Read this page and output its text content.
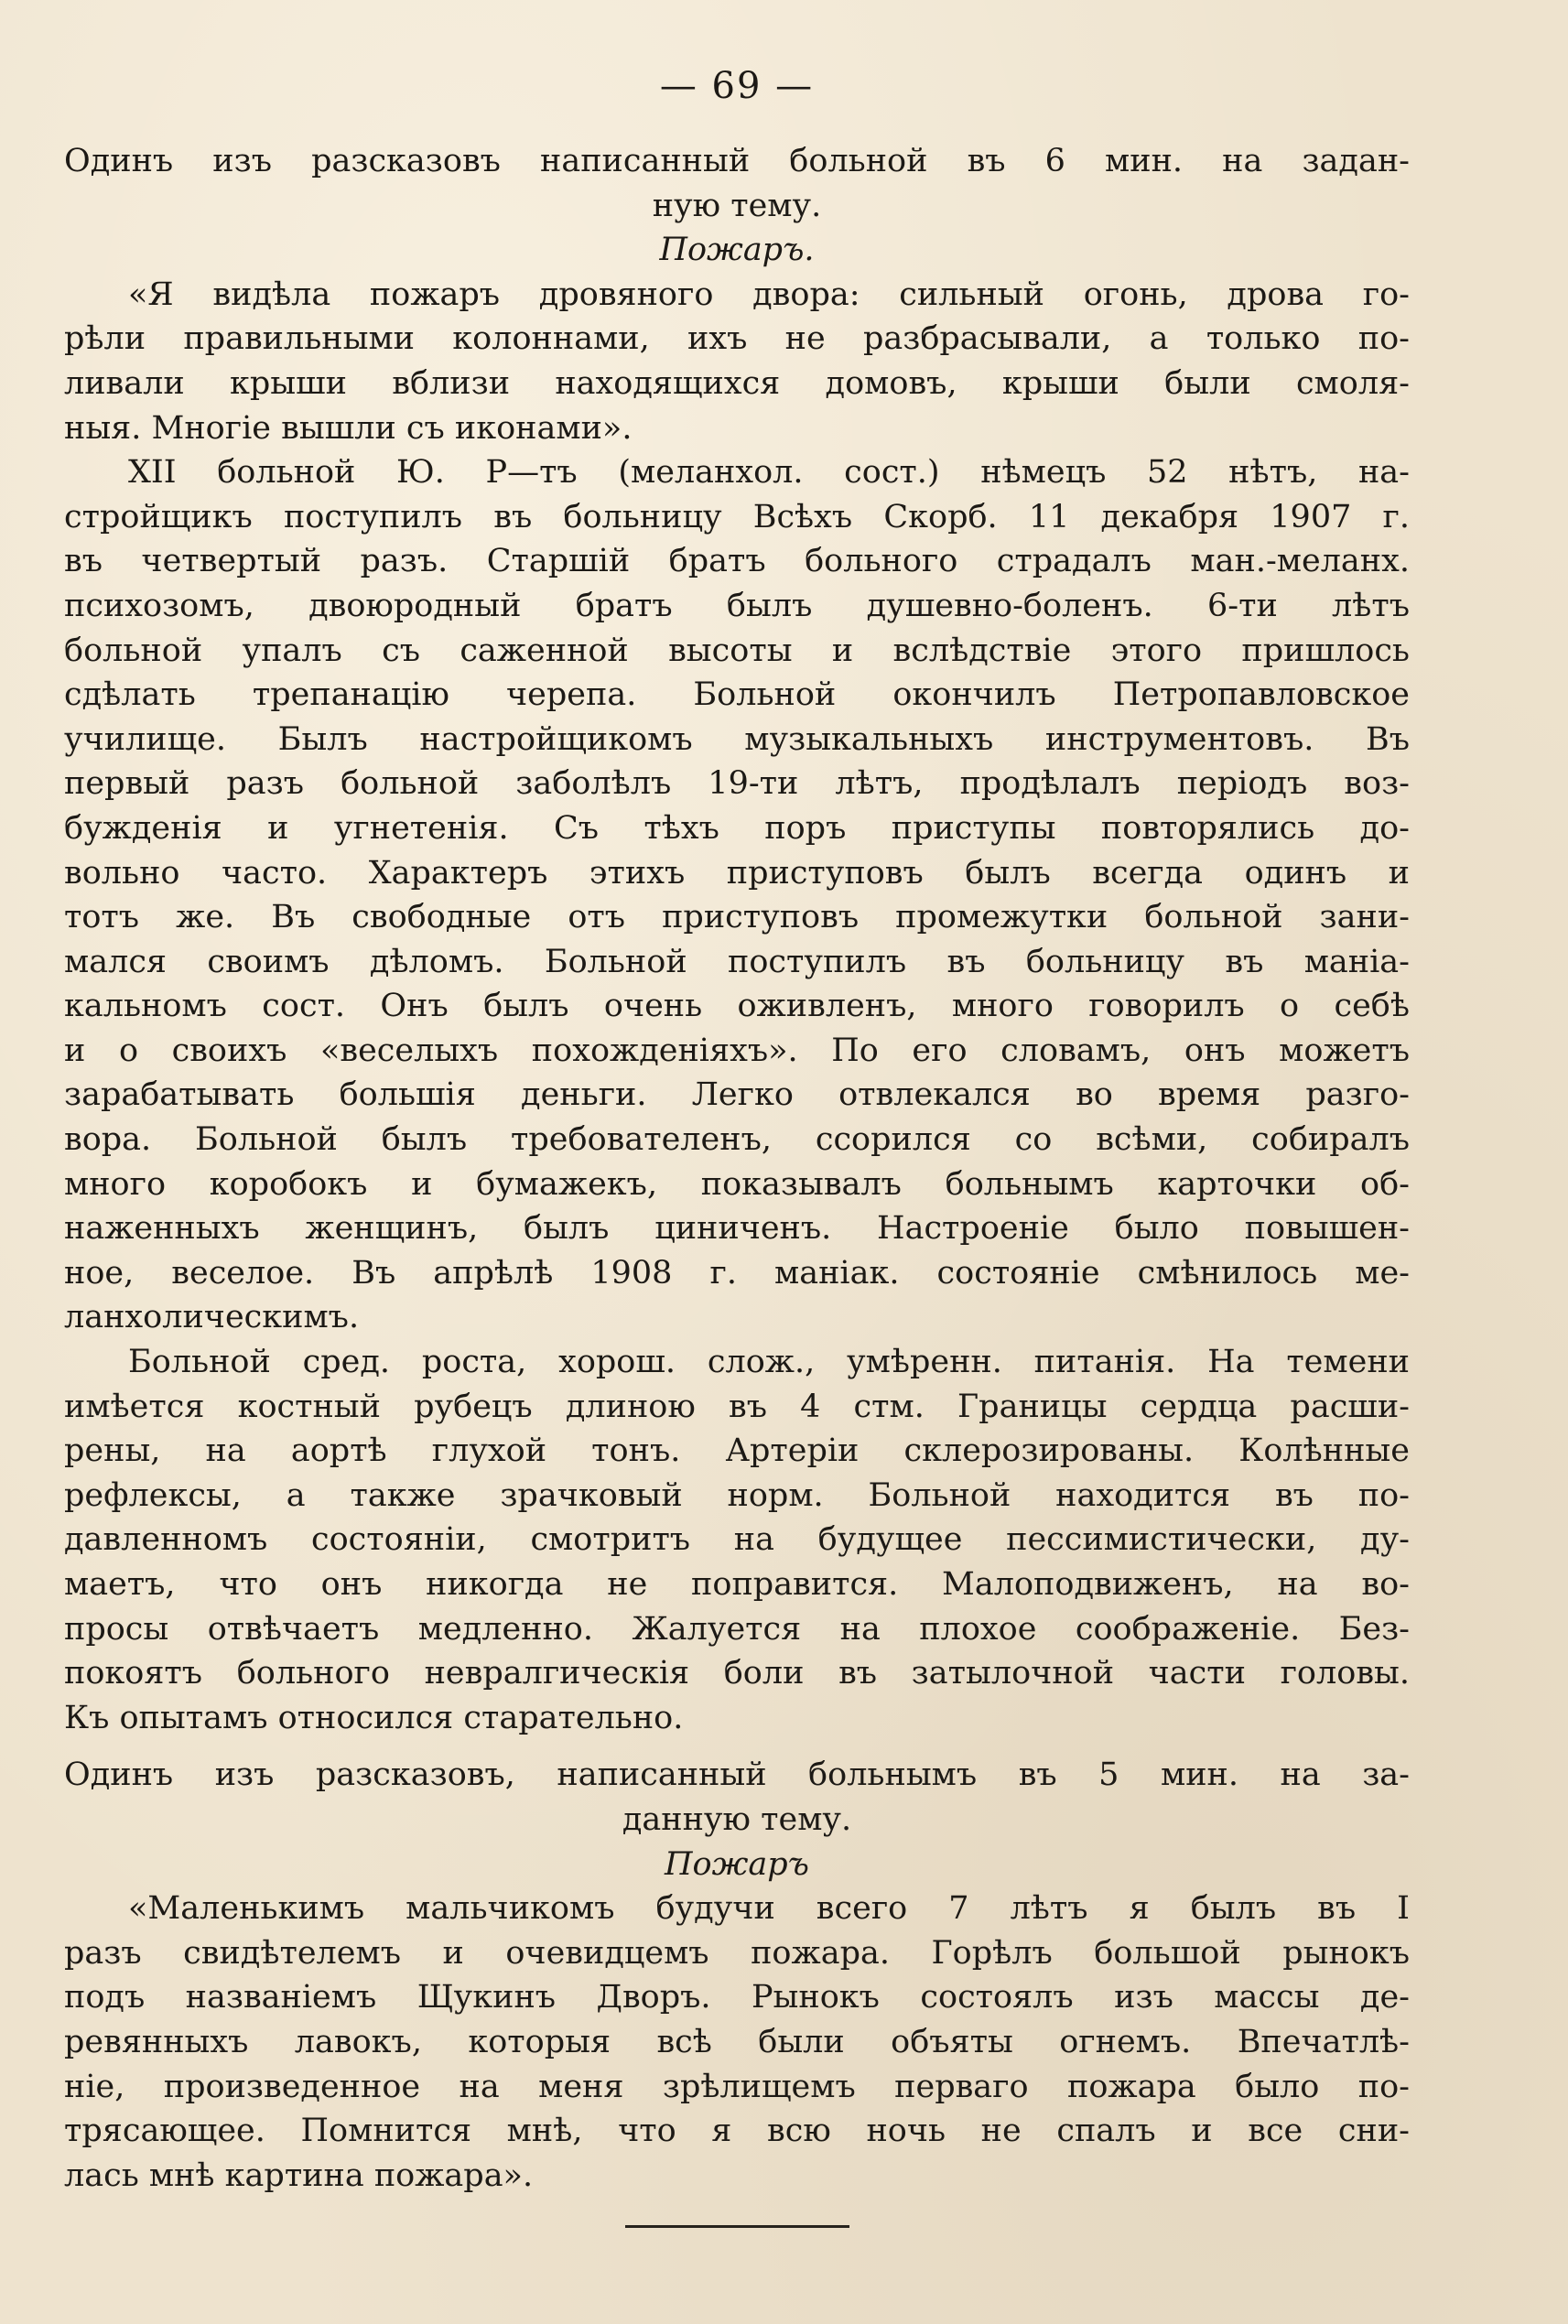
— 69 —

Одинъ изъ разсказовъ написанный больной въ 6 мин. на задан-
ную тему.

Пожаръ.

«Я видѣла пожаръ дровяного двора: сильный огонь, дрова го-
рѣли правильными колоннами, ихъ не разбрасывали, а только по-
ливали крыши вблизи находящихся домовъ, крыши были смоля-
ныя. Многіе вышли съ иконами».

XII больной Ю. Р—тъ (меланхол. сост.) нѣмецъ 52 нѣтъ, на-
стройщикъ поступилъ въ больницу Всѣхъ Скорб. 11 декабря 1907 г.
въ четвертый разъ. Старшій братъ больного страдалъ ман.-меланх.
психозомъ, двоюродный братъ былъ душевно-боленъ. 6-ти лѣтъ
больной упалъ съ саженной высоты и вслѣдствіе этого пришлось
сдѣлать трепанацію черепа. Больной окончилъ Петропавловское
училище. Былъ настройщикомъ музыкальныхъ инструментовъ. Въ
первый разъ больной заболѣлъ 19-ти лѣтъ, продѣлалъ періодъ воз-
бужденія и угнетенія. Съ тѣхъ поръ приступы повторялись до-
вольно часто. Характеръ этихъ приступовъ былъ всегда одинъ и
тотъ же. Въ свободные отъ приступовъ промежутки больной зани-
мался своимъ дѣломъ. Больной поступилъ въ больницу въ маніа-
кальномъ сост. Онъ былъ очень оживленъ, много говорилъ о себѣ
и о своихъ «веселыхъ похожденіяхъ». По его словамъ, онъ можетъ
зарабатывать большія деньги. Легко отвлекался во время разго-
вора. Больной былъ требователенъ, ссорился со всѣми, собиралъ
много коробокъ и бумажекъ, показывалъ больнымъ карточки об-
наженныхъ женщинъ, былъ циниченъ. Настроеніе было повышен-
ное, веселое. Въ апрѣлѣ 1908 г. маніак. состояніе смѣнилось ме-
ланхолическимъ.

Больной сред. роста, хорош. слож., умѣренн. питанія. На темени
имѣется костный рубецъ длиною въ 4 стм. Границы сердца расши-
рены, на аортѣ глухой тонъ. Артеріи склерозированы. Колѣнные
рефлексы, а также зрачковый норм. Больной находится въ по-
давленномъ состояніи, смотритъ на будущее пессимистически, ду-
маетъ, что онъ никогда не поправится. Малоподвиженъ, на во-
просы отвѣчаетъ медленно. Жалуется на плохое соображеніе. Без-
покоятъ больного невралгическія боли въ затылочной части головы.
Къ опытамъ относился старательно.

Одинъ изъ разсказовъ, написанный больнымъ въ 5 мин. на за-
данную тему.

Пожаръ

«Маленькимъ мальчикомъ будучи всего 7 лѣтъ я былъ въ I
разъ свидѣтелемъ и очевидцемъ пожара. Горѣлъ большой рынокъ
подъ названіемъ Щукинъ Дворъ. Рынокъ состоялъ изъ массы де-
ревянныхъ лавокъ, которыя всѣ были объяты огнемъ. Впечатлѣ-
ніе, произведенное на меня зрѣлищемъ перваго пожара было по-
трясающее. Помнится мнѣ, что я всю ночь не спалъ и все сни-
лась мнѣ картина пожара».
